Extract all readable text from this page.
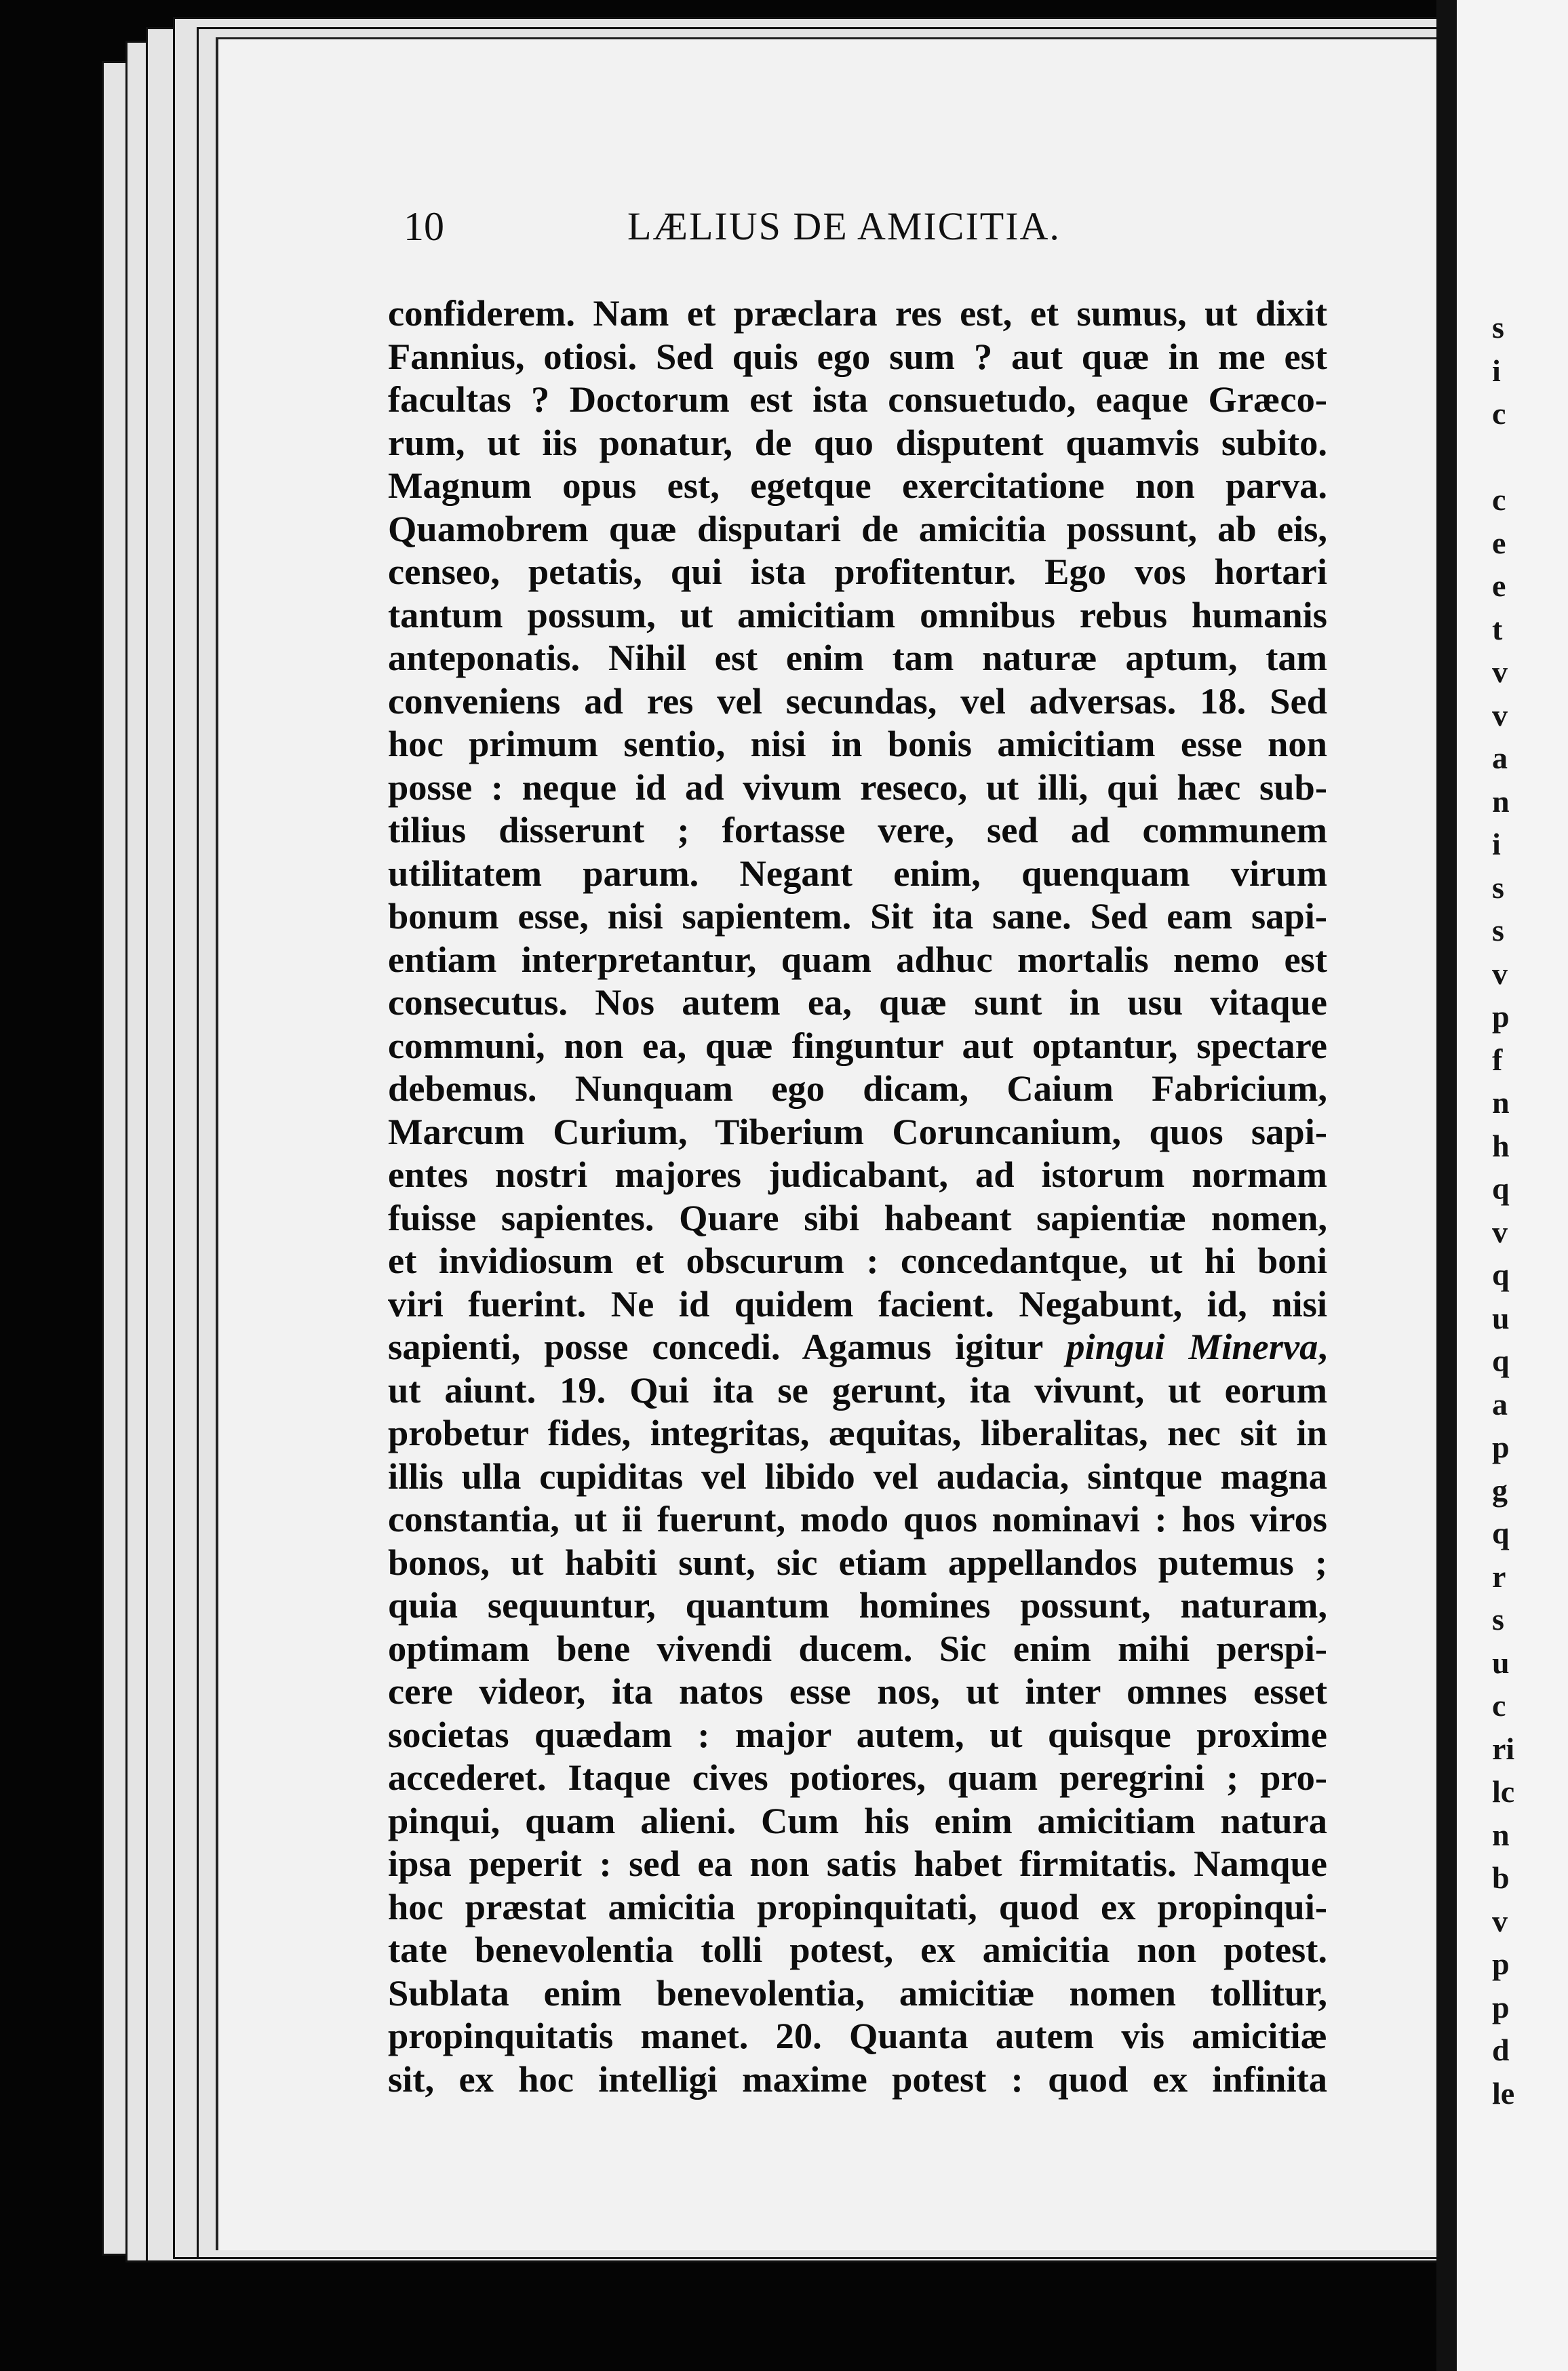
s
i
c
c
e
e
t
v
v
a
n
i
s
s
v
p
f
n
h
q
v
q
u
q
a
p
g
q
r
s
u
c
ri
lc
n
b
v
p
p
d
le
10	LÆLIUS DE AMICITIA.
confiderem. Nam et præclara res est, et sumus, ut dixit
Fannius, otiosi. Sed quis ego sum ? aut quæ in me est
facultas ? Doctorum est ista consuetudo, eaque Græco-
rum, ut iis ponatur, de quo disputent quamvis subito.
Magnum opus est, egetque exercitatione non parva.
Quamobrem quæ disputari de amicitia possunt, ab eis,
censeo, petatis, qui ista profitentur. Ego vos hortari
tantum possum, ut amicitiam omnibus rebus humanis
anteponatis. Nihil est enim tam naturæ aptum, tam
conveniens ad res vel secundas, vel adversas. 18. Sed
hoc primum sentio, nisi in bonis amicitiam esse non
posse : neque id ad vivum reseco, ut illi, qui hæc sub-
tilius disserunt ; fortasse vere, sed ad communem
utilitatem parum. Negant enim, quenquam virum
bonum esse, nisi sapientem. Sit ita sane. Sed eam sapi-
entiam interpretantur, quam adhuc mortalis nemo est
consecutus. Nos autem ea, quæ sunt in usu vitaque
communi, non ea, quæ finguntur aut optantur, spectare
debemus. Nunquam ego dicam, Caium Fabricium,
Marcum Curium, Tiberium Coruncanium, quos sapi-
entes nostri majores judicabant, ad istorum normam
fuisse sapientes. Quare sibi habeant sapientiæ nomen,
et invidiosum et obscurum : concedantque, ut hi boni
viri fuerint. Ne id quidem facient. Negabunt, id, nisi
sapienti, posse concedi. Agamus igitur pingui Minerva,
ut aiunt. 19. Qui ita se gerunt, ita vivunt, ut eorum
probetur fides, integritas, æquitas, liberalitas, nec sit in
illis ulla cupiditas vel libido vel audacia, sintque magna
constantia, ut ii fuerunt, modo quos nominavi : hos viros
bonos, ut habiti sunt, sic etiam appellandos putemus ;
quia sequuntur, quantum homines possunt, naturam,
optimam bene vivendi ducem. Sic enim mihi perspi-
cere videor, ita natos esse nos, ut inter omnes esset
societas quædam : major autem, ut quisque proxime
accederet. Itaque cives potiores, quam peregrini ; pro-
pinqui, quam alieni. Cum his enim amicitiam natura
ipsa peperit : sed ea non satis habet firmitatis. Namque
hoc præstat amicitia propinquitati, quod ex propinqui-
tate benevolentia tolli potest, ex amicitia non potest.
Sublata enim benevolentia, amicitiæ nomen tollitur,
propinquitatis manet. 20. Quanta autem vis amicitiæ
sit, ex hoc intelligi maxime potest : quod ex infinita
